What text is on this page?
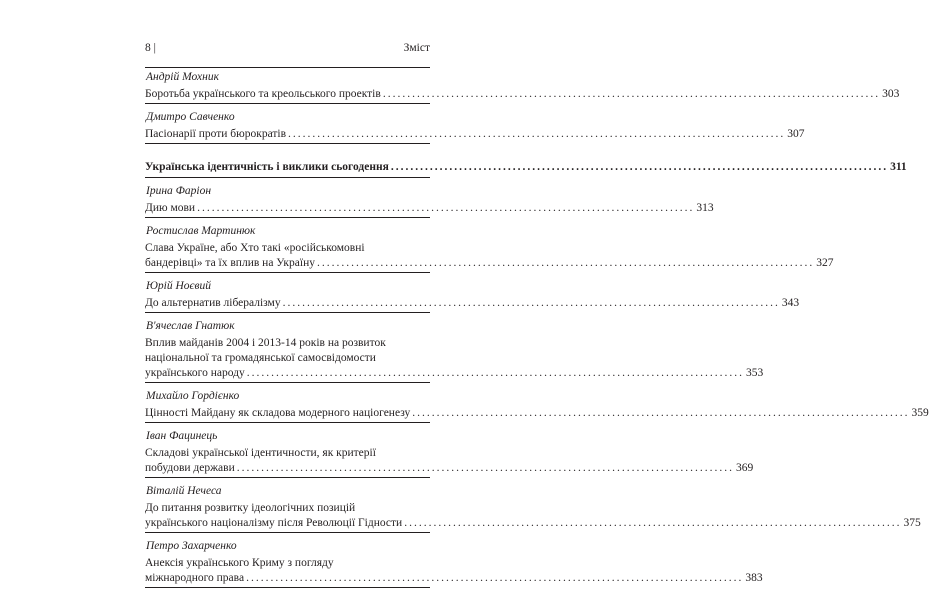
8 |	Зміст
Андрій Мохник
Боротьба українського та креольського проектів ...................................................................................................... 303
Дмитро Савченко
Пасіонарії проти бюрократів ...................................................................................................... 307
Українська ідентичність і виклики сьогодення ...................................................................................................... 311
Ірина Фаріон
Дию мови ...................................................................................................... 313
Ростислав Мартинюк
Слава Україне, або Хто такі «російськомовні
бандерівці» та їх вплив на Україну ...................................................................................................... 327
Юрій Ноєвий
До альтернатив лібералізму ...................................................................................................... 343
В'ячеслав Гнатюк
Вплив майданів 2004 і 2013-14 років на розвиток
національної та громадянської самосвідомости
українського народу ...................................................................................................... 353
Михайло Гордієнко
Цінності Майдану як складова модерного націогенезу ...................................................................................................... 359
Іван Фацинець
Складові української ідентичности, як критерії
побудови держави ...................................................................................................... 369
Віталій Нечеса
До питання розвитку ідеологічних позицій
українського націоналізму після Революції Гідности ...................................................................................................... 375
Петро Захарченко
Анексія українського Криму з погляду
міжнародного права ...................................................................................................... 383
